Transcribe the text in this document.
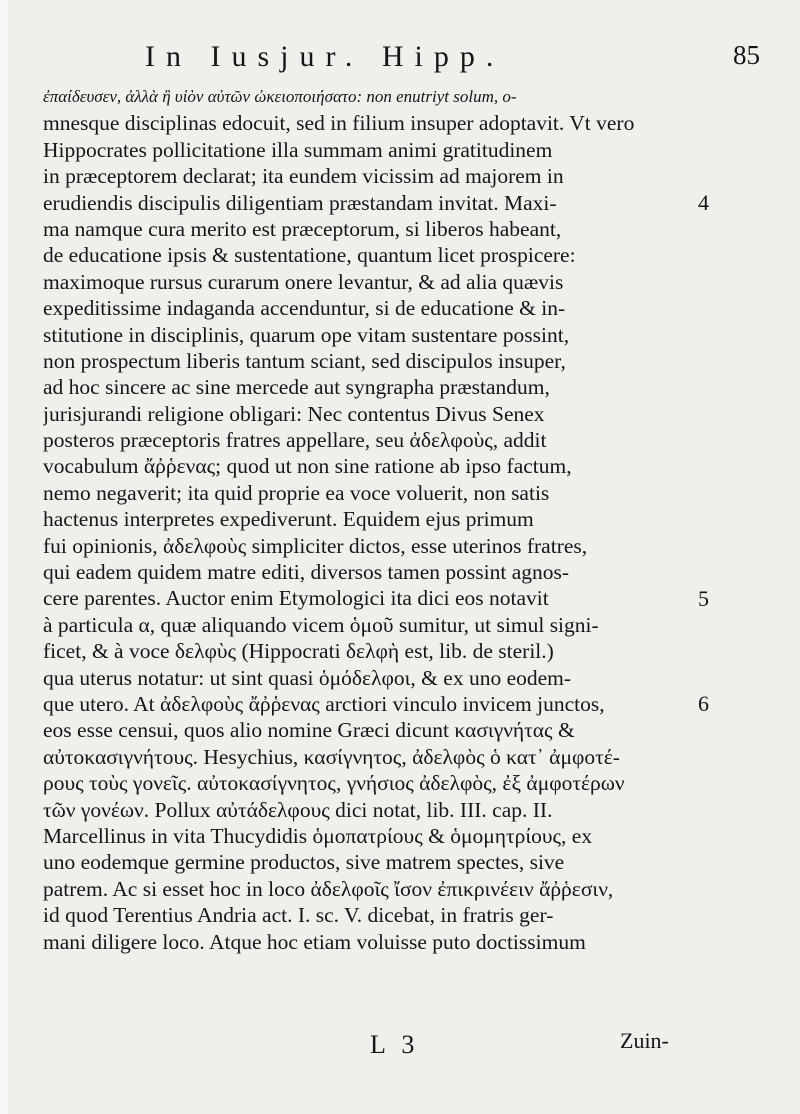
In Iusjur. Hipp.	85
ἐπαίδευσεν, ἀλλὰ ἢ υἱὸν αὐτῶν ὠκειοποιήσατο: non enutriyt solum, o-
mnesque disciplinas edocuit, sed in filium insuper adoptavit. Vt vero
Hippocrates pollicitatione illa summam animi gratitudinem
in præceptorem declarat; ita eundem vicissim ad majorem in
erudiendis discipulis diligentiam præstandam invitat. Maxi-
ma namque cura merito est præceptorum, si liberos habeant,
de educatione ipsis & sustentatione, quantum licet prospicere:
maximoque rursus curarum onere levantur, & ad alia quævis
expeditissime indaganda accenduntur, si de educatione & in-
stitutione in disciplinis, quarum ope vitam sustentare possint,
non prospectum liberis tantum sciant, sed discipulos insuper,
ad hoc sincere ac sine mercede aut syngrapha præstandum,
jurisjurandi religione obligari: Nec contentus Divus Senex
posteros præceptoris fratres appellare, seu ἀδελφοὺς, addit
vocabulum ἄῤῥενας; quod ut non sine ratione ab ipso factum,
nemo negaverit; ita quid proprie ea voce voluerit, non satis
hactenus interpretes expediverunt. Equidem ejus primum
fui opinionis, ἀδελφοὺς simpliciter dictos, esse uterinos fratres,
qui eadem quidem matre editi, diversos tamen possint agnos-
cere parentes. Auctor enim Etymologici ita dici eos notavit
à particula α, quæ aliquando vicem ὁμοῦ sumitur, ut simul signi-
ficet, & à voce δελφὺς (Hippocrati δελφὴ est, lib. de steril.)
qua uterus notatur: ut sint quasi ὁμόδελφοι, & ex uno eodem-
que utero. At ἀδελφοὺς ἄῤῥενας arctiori vinculo invicem junctos,
eos esse censui, quos alio nomine Græci dicunt κασιγνήτας &
αὐτοκασιγνήτους. Hesychius, κασίγνητος, ἀδελφὸς ὁ κατ᾽ ἀμφοτέ-
ρους τοὺς γονεῖς. αὐτοκασίγνητος, γνήσιος ἀδελφὸς, ἐξ ἀμφοτέρων
τῶν γονέων. Pollux αὐτάδελφους dici notat, lib. III. cap. II.
Marcellinus in vita Thucydidis ὁμοπατρίους & ὁμομητρίους, ex
uno eodemque germine productos, sive matrem spectes, sive
patrem. Ac si esset hoc in loco ἀδελφοῖς ἴσον ἐπικρινέειν ἄῤῥεσιν,
id quod Terentius Andria act. I. sc. V. dicebat, in fratris ger-
mani diligere loco. Atque hoc etiam voluisse puto doctissimum
4
5
6
L 3	Zuin-
